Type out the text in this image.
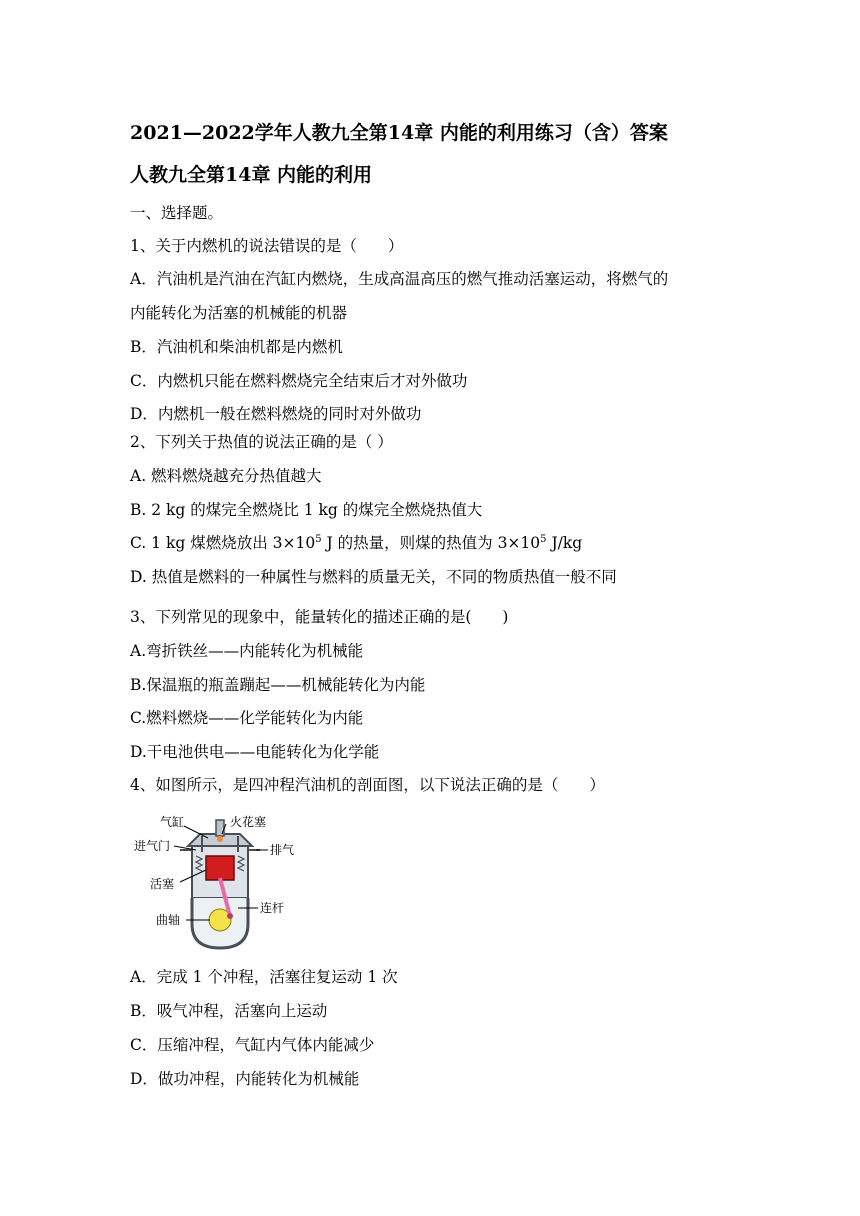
2021—2022学年人教九全第14章 内能的利用练习（含）答案
人教九全第14章 内能的利用
一、选择题。
1、关于内燃机的说法错误的是（　　）
A．汽油机是汽油在汽缸内燃烧，生成高温高压的燃气推动活塞运动，将燃气的
内能转化为活塞的机械能的机器
B．汽油机和柴油机都是内燃机
C．内燃机只能在燃料燃烧完全结束后才对外做功
D．内燃机一般在燃料燃烧的同时对外做功
2、下列关于热值的说法正确的是（ ）
A. 燃料燃烧越充分热值越大
B. 2 kg 的煤完全燃烧比 1 kg 的煤完全燃烧热值大
C. 1 kg 煤燃烧放出 $3\times 10^5$ J 的热量，则煤的热值为 $3\times 10^5$ J/kg
D. 热值是燃料的一种属性与燃料的质量无关，不同的物质热值一般不同
3、下列常见的现象中，能量转化的描述正确的是(　　)
A.弯折铁丝——内能转化为机械能
B.保温瓶的瓶盖蹦起——机械能转化为内能
C.燃料燃烧——化学能转化为内能
D.干电池供电——电能转化为化学能
4、如图所示，是四冲程汽油机的剖面图，以下说法正确的是（　　）
气缸	火花塞
进气门	排气
活塞
连杆
曲轴
A．完成 1 个冲程，活塞往复运动 1 次
B．吸气冲程，活塞向上运动
C．压缩冲程，气缸内气体内能减少
D．做功冲程，内能转化为机械能
